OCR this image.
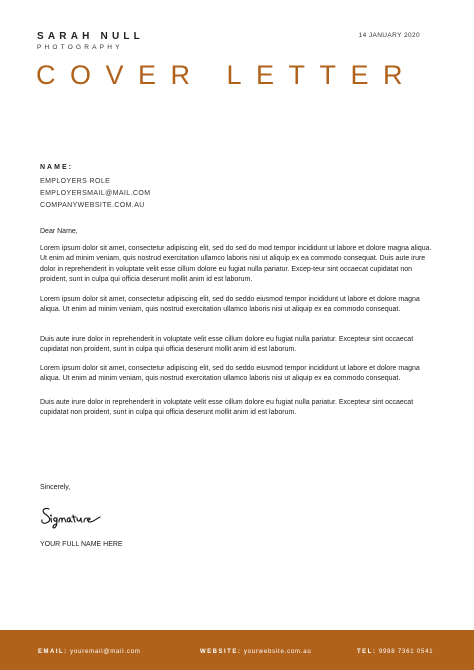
SARAH NULL
PHOTOGRAPHY
14 JANUARY 2020
COVER LETTER
NAME:
EMPLOYERS ROLE
EMPLOYERSMAIL@MAIL.COM
COMPANYWEBSITE.COM.AU
Dear Name,

Lorem ipsum dolor sit amet, consectetur adipiscing elit, sed do sed do mod tempor incididunt ut labore et dolore magna aliqua. Ut enim ad minim veniam, quis nostrud exercitation ullamco laboris nisi ut aliquip ex ea commodo consequat. Duis aute irure dolor in reprehenderit in voluptate velit esse cillum dolore eu fugiat nulla pariatur. Excep-teur sint occaecat cupidatat non proident, sunt in culpa qui officia deserunt mollit anim id est laborum.

Lorem ipsum dolor sit amet, consectetur adipiscing elit, sed do seddo eiusmod tempor incididunt ut labore et dolore magna aliqua. Ut enim ad minim veniam, quis nostrud exercitation ullamco laboris nisi ut aliquip ex ea commodo consequat.

Duis aute irure dolor in reprehenderit in voluptate velit esse cillum dolore eu fugiat nulla pariatur. Excepteur sint occaecat cupidatat non proident, sunt in culpa qui officia deserunt mollit anim id est laborum.

Lorem ipsum dolor sit amet, consectetur adipiscing elit, sed do seddo eiusmod tempor incididunt ut labore et dolore magna aliqua. Ut enim ad minim veniam, quis nostrud exercitation ullamco laboris nisi ut aliquip ex ea commodo consequat.

Duis aute irure dolor in reprehenderit in voluptate velit esse cillum dolore eu fugiat nulla pariatur. Excepteur sint occaecat cupidatat non proident, sunt in culpa qui officia deserunt mollit anim id est laborum.

Sincerely,
YOUR FULL NAME HERE
EMAIL: youremail@mail.com	WEBSITE: yourwebsite.com.au	TEL: 9988 7361 0541
